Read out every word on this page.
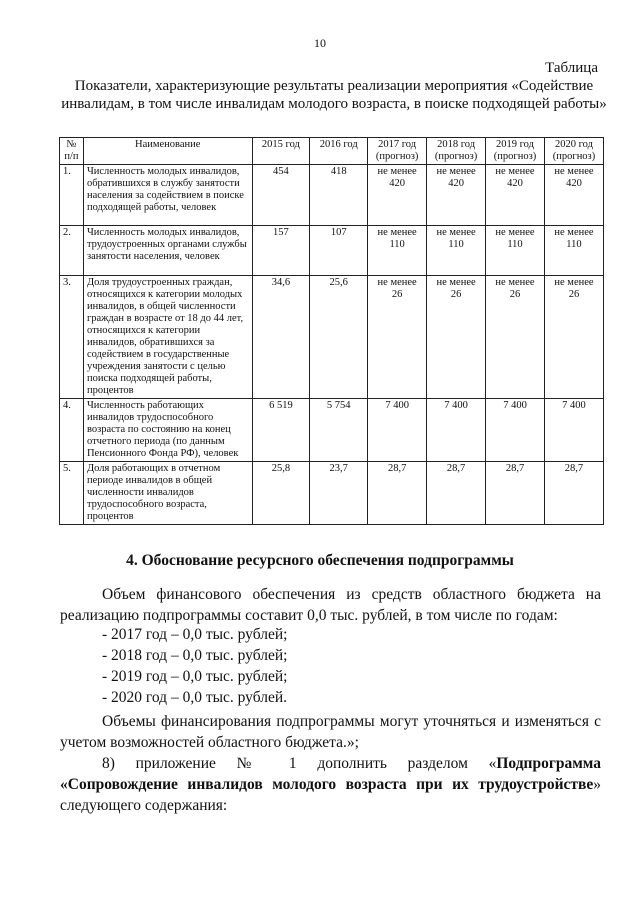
10
Таблица
Показатели, характеризующие результаты реализации мероприятия «Содействие инвалидам, в том числе инвалидам молодого возраста, в поиске подходящей работы»
№ п/п	Наименование	2015 год	2016 год	2017 год (прогноз)	2018 год (прогноз)	2019 год (прогноз)	2020 год (прогноз)
1.	Численность молодых инвалидов, обратившихся в службу занятости населения за содействием в поиске подходящей работы, человек	454	418	не менее 420	не менее 420	не менее 420	не менее 420
2.	Численность молодых инвалидов, трудоустроенных органами службы занятости населения, человек	157	107	не менее 110	не менее 110	не менее 110	не менее 110
3.	Доля трудоустроенных граждан, относящихся к категории молодых инвалидов, в общей численности граждан в возрасте от 18 до 44 лет, относящихся к категории инвалидов, обратившихся за содействием в государственные учреждения занятости с целью поиска подходящей работы, процентов	34,6	25,6	не менее 26	не менее 26	не менее 26	не менее 26
4.	Численность работающих инвалидов трудоспособного возраста по состоянию на конец отчетного периода (по данным Пенсионного Фонда РФ), человек	6 519	5 754	7 400	7 400	7 400	7 400
5.	Доля работающих в отчетном периоде инвалидов в общей численности инвалидов трудоспособного возраста, процентов	25,8	23,7	28,7	28,7	28,7	28,7
4. Обоснование ресурсного обеспечения подпрограммы
Объем финансового обеспечения из средств областного бюджета на реализацию подпрограммы составит 0,0 тыс. рублей, в том числе по годам:
- 2017 год – 0,0 тыс. рублей;
- 2018 год – 0,0 тыс. рублей;
- 2019 год – 0,0 тыс. рублей;
- 2020 год – 0,0 тыс. рублей.
Объемы финансирования подпрограммы могут уточняться и изменяться с учетом возможностей областного бюджета.»;
8) приложение № 1 дополнить разделом «Подпрограмма «Сопровождение инвалидов молодого возраста при их трудоустройстве» следующего содержания:
